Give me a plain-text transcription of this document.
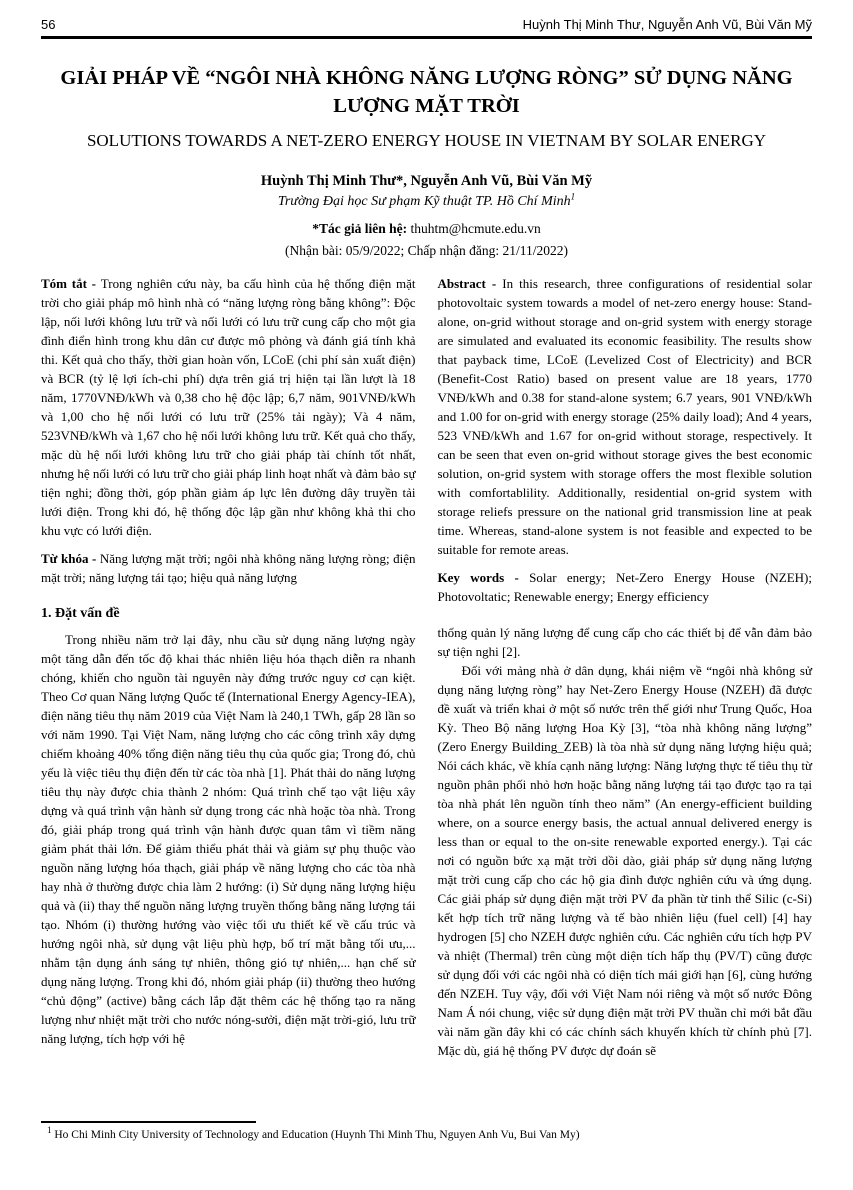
56	Huỳnh Thị Minh Thư, Nguyễn Anh Vũ, Bùi Văn Mỹ
GIẢI PHÁP VỀ “NGÔI NHÀ KHÔNG NĂNG LƯỢNG RÒNG” SỬ DỤNG NĂNG LƯỢNG MẶT TRỜI
SOLUTIONS TOWARDS A NET-ZERO ENERGY HOUSE IN VIETNAM BY SOLAR ENERGY
Huỳnh Thị Minh Thư*, Nguyễn Anh Vũ, Bùi Văn Mỹ
Trường Đại học Sư phạm Kỹ thuật TP. Hồ Chí Minh$^1$
*Tác giả liên hệ: thuhtm@hcmute.edu.vn
(Nhận bài: 05/9/2022; Chấp nhận đăng: 21/11/2022)

Tóm tắt - Trong nghiên cứu này, ba cấu hình của hệ thống điện mặt trời cho giải pháp mô hình nhà có “năng lượng ròng bằng không”: Độc lập, nối lưới không lưu trữ và nối lưới có lưu trữ cung cấp cho một gia đình điển hình trong khu dân cư được mô phỏng và đánh giá tính khả thi. Kết quả cho thấy, thời gian hoàn vốn, LCoE (chi phí sản xuất điện) và BCR (tỷ lệ lợi ích-chi phí) dựa trên giá trị hiện tại lần lượt là 18 năm, 1770VNĐ/kWh và 0,38 cho hệ độc lập; 6,7 năm, 901VNĐ/kWh và 1,00 cho hệ nối lưới có lưu trữ (25% tải ngày); Và 4 năm, 523VNĐ/kWh và 1,67 cho hệ nối lưới không lưu trữ. Kết quả cho thấy, mặc dù hệ nối lưới không lưu trữ cho giải pháp tài chính tốt nhất, nhưng hệ nối lưới có lưu trữ cho giải pháp linh hoạt nhất và đảm bảo sự tiện nghi; đồng thời, góp phần giảm áp lực lên đường dây truyền tải lưới điện. Trong khi đó, hệ thống độc lập gần như không khả thi cho khu vực có lưới điện.

Từ khóa - Năng lượng mặt trời; ngôi nhà không năng lượng ròng; điện mặt trời; năng lượng tái tạo; hiệu quả năng lượng

1. Đặt vấn đề

Trong nhiều năm trở lại đây, nhu cầu sử dụng năng lượng ngày một tăng dẫn đến tốc độ khai thác nhiên liệu hóa thạch diễn ra nhanh chóng, khiến cho nguồn tài nguyên này đứng trước nguy cơ cạn kiệt. Theo Cơ quan Năng lượng Quốc tế (International Energy Agency-IEA), điện năng tiêu thụ năm 2019 của Việt Nam là 240,1 TWh, gấp 28 lần so với năm 1990. Tại Việt Nam, năng lượng cho các công trình xây dựng chiếm khoảng 40% tổng điện năng tiêu thụ của quốc gia; Trong đó, chủ yếu là việc tiêu thụ điện đến từ các tòa nhà [1]. Phát thải do năng lượng tiêu thụ này được chia thành 2 nhóm: Quá trình chế tạo vật liệu xây dựng và quá trình vận hành sử dụng trong các nhà hoặc tòa nhà. Trong đó, giải pháp trong quá trình vận hành được quan tâm vì tiềm năng giảm phát thải lớn. Để giảm thiểu phát thải và giảm sự phụ thuộc vào nguồn năng lượng hóa thạch, giải pháp về năng lượng cho các tòa nhà hay nhà ở thường được chia làm 2 hướng: (i) Sử dụng năng lượng hiệu quả và (ii) thay thế nguồn năng lượng truyền thống bằng năng lượng tái tạo. Nhóm (i) thường hướng vào việc tối ưu thiết kế về cấu trúc và hướng ngôi nhà, sử dụng vật liệu phù hợp, bố trí mặt bằng tối ưu,... nhằm tận dụng ánh sáng tự nhiên, thông gió tự nhiên,... hạn chế sử dụng năng lượng. Trong khi đó, nhóm giải pháp (ii) thường theo hướng “chủ động” (active) bằng cách lắp đặt thêm các hệ thống tạo ra năng lượng như nhiệt mặt trời cho nước nóng-sưởi, điện mặt trời-gió, lưu trữ năng lượng, tích hợp với hệ

Abstract - In this research, three configurations of residential solar photovoltaic system towards a model of net-zero energy house: Stand-alone, on-grid without storage and on-grid system with energy storage are simulated and evaluated its economic feasibility. The results show that payback time, LCoE (Levelized Cost of Electricity) and BCR (Benefit-Cost Ratio) based on present value are 18 years, 1770 VNĐ/kWh and 0.38 for stand-alone system; 6.7 years, 901 VNĐ/kWh and 1.00 for on-grid with energy storage (25% daily load); And 4 years, 523 VNĐ/kWh and 1.67 for on-grid without storage, respectively. It can be seen that even on-grid without storage gives the best economic solution, on-grid system with storage offers the most flexible solution with comfortablility. Additionally, residential on-grid system with storage reliefs pressure on the national grid transmission line at peak time. Whereas, stand-alone system is not feasible and expected to be suitable for remote areas.

Key words - Solar energy; Net-Zero Energy House (NZEH); Photovoltatic; Renewable energy; Energy efficiency

thống quản lý năng lượng để cung cấp cho các thiết bị để vẫn đảm bảo sự tiện nghi [2].

Đối với mảng nhà ở dân dụng, khái niệm về “ngôi nhà không sử dụng năng lượng ròng” hay Net-Zero Energy House (NZEH) đã được đề xuất và triển khai ở một số nước trên thế giới như Trung Quốc, Hoa Kỳ. Theo Bộ năng lượng Hoa Kỳ [3], “tòa nhà không năng lượng” (Zero Energy Building_ZEB) là tòa nhà sử dụng năng lượng hiệu quả; Nói cách khác, về khía cạnh năng lượng: Năng lượng thực tế tiêu thụ từ nguồn phân phối nhỏ hơn hoặc bằng năng lượng tái tạo được tạo ra tại tòa nhà phát lên nguồn tính theo năm” (An energy-efficient building where, on a source energy basis, the actual annual delivered energy is less than or equal to the on-site renewable exported energy.). Tại các nơi có nguồn bức xạ mặt trời dồi dào, giải pháp sử dụng năng lượng mặt trời cung cấp cho các hộ gia đình được nghiên cứu và ứng dụng. Các giải pháp sử dụng điện mặt trời PV đa phần từ tinh thể Silic (c-Si) kết hợp tích trữ năng lượng và tế bào nhiên liệu (fuel cell) [4] hay hydrogen [5] cho NZEH được nghiên cứu. Các nghiên cứu tích hợp PV và nhiệt (Thermal) trên cùng một diện tích hấp thụ (PV/T) cũng được sử dụng đối với các ngôi nhà có diện tích mái giới hạn [6], cùng hướng đến NZEH. Tuy vậy, đối với Việt Nam nói riêng và một số nước Đông Nam Á nói chung, việc sử dụng điện mặt trời PV thuần chỉ mới bắt đầu vài năm gần đây khi có các chính sách khuyến khích từ chính phủ [7]. Mặc dù, giá hệ thống PV được dự đoán sẽ

$^1$ Ho Chi Minh City University of Technology and Education (Huynh Thi Minh Thu, Nguyen Anh Vu, Bui Van My)
